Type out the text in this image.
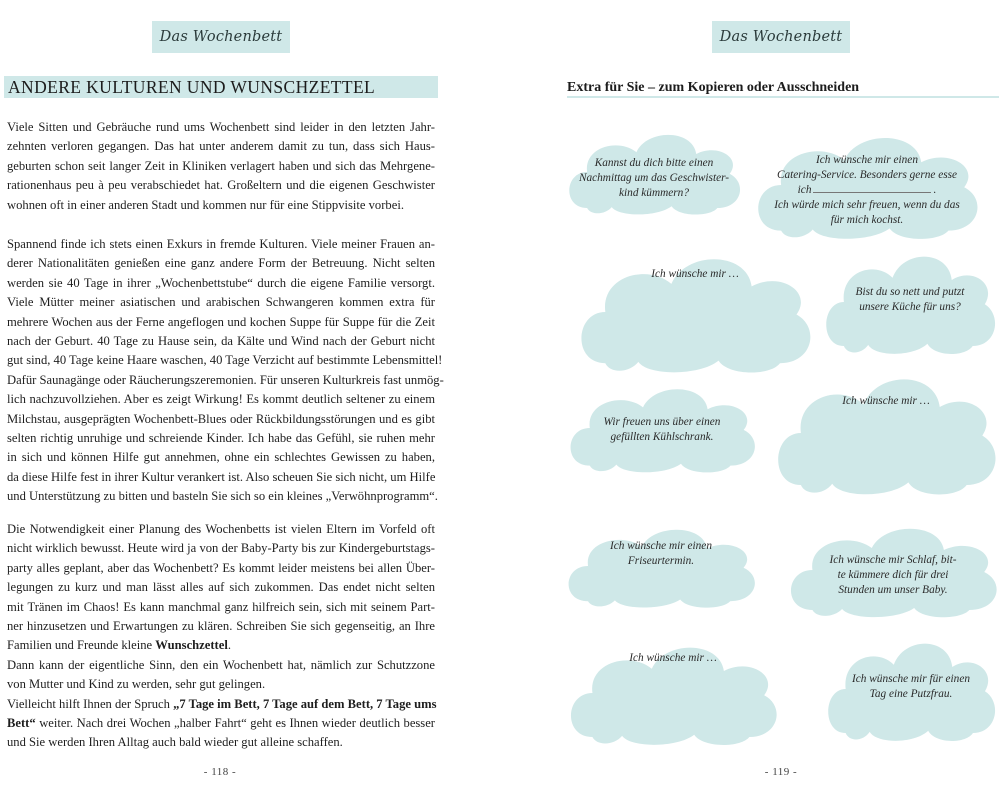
Das Wochenbett
ANDERE KULTUREN UND WUNSCHZETTEL

Viele Sitten und Gebräuche rund ums Wochenbett sind leider in den letzten Jahr-
zehnten verloren gegangen. Das hat unter anderem damit zu tun, dass sich Haus-
geburten schon seit langer Zeit in Kliniken verlagert haben und sich das Mehrgene-
rationenhaus peu à peu verabschiedet hat. Großeltern und die eigenen Geschwister
wohnen oft in einer anderen Stadt und kommen nur für eine Stippvisite vorbei.

Spannend finde ich stets einen Exkurs in fremde Kulturen. Viele meiner Frauen an-
derer Nationalitäten genießen eine ganz andere Form der Betreuung. Nicht selten
werden sie 40 Tage in ihrer „Wochenbettstube“ durch die eigene Familie versorgt.
Viele Mütter meiner asiatischen und arabischen Schwangeren kommen extra für
mehrere Wochen aus der Ferne angeflogen und kochen Suppe für Suppe für die Zeit
nach der Geburt. 40 Tage zu Hause sein, da Kälte und Wind nach der Geburt nicht
gut sind, 40 Tage keine Haare waschen, 40 Tage Verzicht auf bestimmte Lebensmittel!
Dafür Saunagänge oder Räucherungszeremonien. Für unseren Kulturkreis fast unmög-
lich nachzuvollziehen. Aber es zeigt Wirkung! Es kommt deutlich seltener zu einem
Milchstau, ausgeprägten Wochenbett-Blues oder Rückbildungsstörungen und es gibt
selten richtig unruhige und schreiende Kinder. Ich habe das Gefühl, sie ruhen mehr
in sich und können Hilfe gut annehmen, ohne ein schlechtes Gewissen zu haben,
da diese Hilfe fest in ihrer Kultur verankert ist. Also scheuen Sie sich nicht, um Hilfe
und Unterstützung zu bitten und basteln Sie sich so ein kleines „Verwöhnprogramm“.

Die Notwendigkeit einer Planung des Wochenbetts ist vielen Eltern im Vorfeld oft
nicht wirklich bewusst. Heute wird ja von der Baby-Party bis zur Kindergeburtstags-
party alles geplant, aber das Wochenbett? Es kommt leider meistens bei allen Über-
legungen zu kurz und man lässt alles auf sich zukommen. Das endet nicht selten
mit Tränen im Chaos! Es kann manchmal ganz hilfreich sein, sich mit seinem Part-
ner hinzusetzen und Erwartungen zu klären. Schreiben Sie sich gegenseitig, an Ihre
Familien und Freunde kleine Wunschzettel.
Dann kann der eigentliche Sinn, den ein Wochenbett hat, nämlich zur Schutzzone
von Mutter und Kind zu werden, sehr gut gelingen.
Vielleicht hilft Ihnen der Spruch „7 Tage im Bett, 7 Tage auf dem Bett, 7 Tage ums
Bett“ weiter. Nach drei Wochen „halber Fahrt“ geht es Ihnen wieder deutlich besser
und Sie werden Ihren Alltag auch bald wieder gut alleine schaffen.

- 118 -
Das Wochenbett
Extra für Sie – zum Kopieren oder Ausschneiden
Kannst du dich bitte einen
Nachmittag um das Geschwister-
kind kümmern?
Ich wünsche mir einen
Catering-Service. Besonders gerne esse
ich	.
Ich würde mich sehr freuen, wenn du das
für mich kochst.
Ich wünsche mir …
Bist du so nett und putzt
unsere Küche für uns?
Wir freuen uns über einen
gefüllten Kühlschrank.
Ich wünsche mir …
Ich wünsche mir einen
Friseurtermin.	Ich wünsche mir Schlaf, bit-
te kümmere dich für drei
Stunden um unser Baby.
Ich wünsche mir …
Ich wünsche mir für einen
Tag eine Putzfrau.
- 119 -
